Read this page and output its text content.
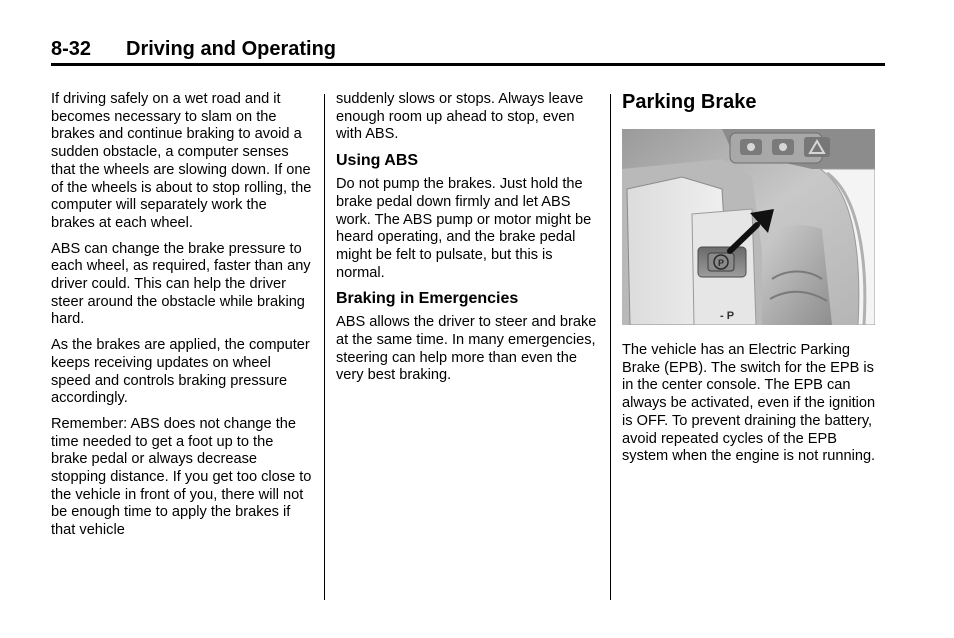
8-32 Driving and Operating

If driving safely on a wet road and it becomes necessary to slam on the brakes and continue braking to avoid a sudden obstacle, a computer senses that the wheels are slowing down. If one of the wheels is about to stop rolling, the computer will separately work the brakes at each wheel.

ABS can change the brake pressure to each wheel, as required, faster than any driver could. This can help the driver steer around the obstacle while braking hard.

As the brakes are applied, the computer keeps receiving updates on wheel speed and controls braking pressure accordingly.

Remember: ABS does not change the time needed to get a foot up to the brake pedal or always decrease stopping distance. If you get too close to the vehicle in front of you, there will not be enough time to apply the brakes if that vehicle

suddenly slows or stops. Always leave enough room up ahead to stop, even with ABS.

Using ABS

Do not pump the brakes. Just hold the brake pedal down firmly and let ABS work. The ABS pump or motor might be heard operating, and the brake pedal might be felt to pulsate, but this is normal.

Braking in Emergencies

ABS allows the driver to steer and brake at the same time. In many emergencies, steering can help more than even the very best braking.

Parking Brake
P
- P

The vehicle has an Electric Parking Brake (EPB). The switch for the EPB is in the center console. The EPB can always be activated, even if the ignition is OFF. To prevent draining the battery, avoid repeated cycles of the EPB system when the engine is not running.
